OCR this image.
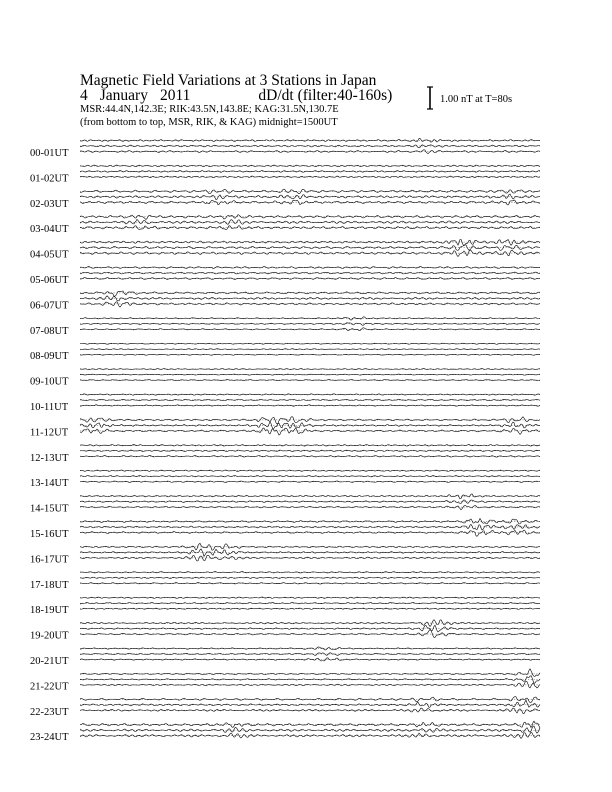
Magnetic Field Variations at 3 Stations in Japan
4 January 2011	dD/dt (filter:40-160s)
MSR:44.4N,142.3E; RIK:43.5N,143.8E; KAG:31.5N,130.7E
(from bottom to top, MSR, RIK, & KAG) midnight=1500UT
1.00 nT at T=80s
00-01UT
01-02UT
02-03UT
03-04UT
04-05UT
05-06UT
06-07UT
07-08UT
08-09UT
09-10UT
10-11UT
11-12UT
12-13UT
13-14UT
14-15UT
15-16UT
16-17UT
17-18UT
18-19UT
19-20UT
20-21UT
21-22UT
22-23UT
23-24UT
